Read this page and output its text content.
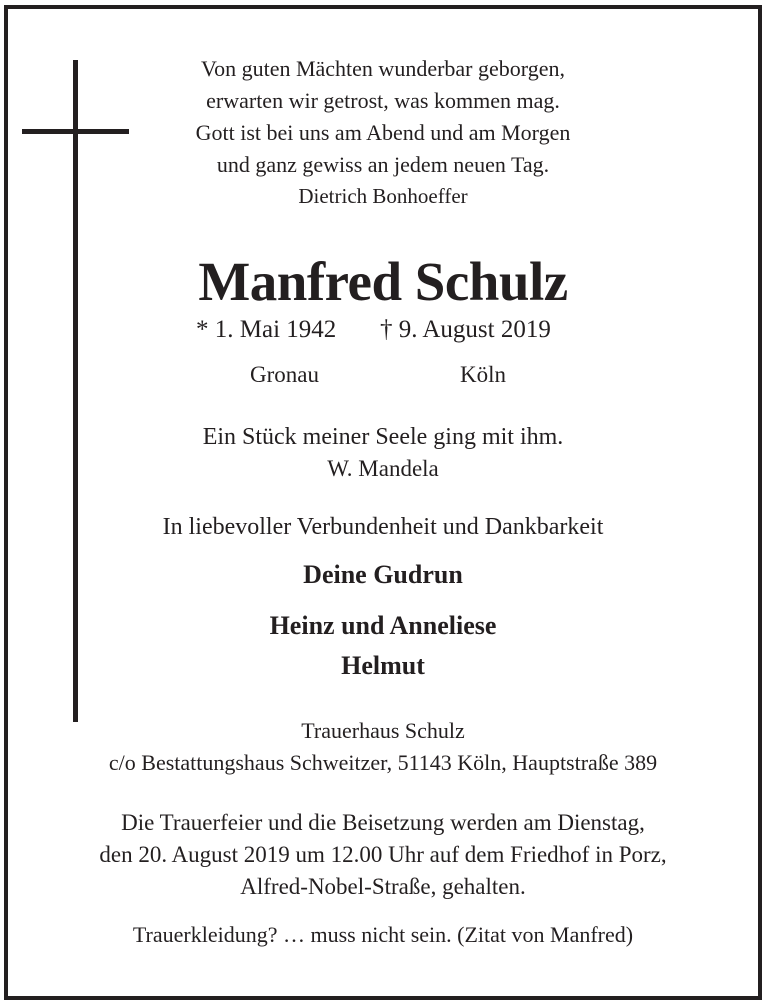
Von guten Mächten wunderbar geborgen,
erwarten wir getrost, was kommen mag.
Gott ist bei uns am Abend und am Morgen
und ganz gewiss an jedem neuen Tag.
Dietrich Bonhoeffer
Manfred Schulz
* 1. Mai 1942 † 9. August 2019
Gronau	Köln
Ein Stück meiner Seele ging mit ihm.
W. Mandela
In liebevoller Verbundenheit und Dankbarkeit
Deine Gudrun
Heinz und Anneliese
Helmut
Trauerhaus Schulz
c/o Bestattungshaus Schweitzer, 51143 Köln, Hauptstraße 389
Die Trauerfeier und die Beisetzung werden am Dienstag,
den 20. August 2019 um 12.00 Uhr auf dem Friedhof in Porz,
Alfred-Nobel-Straße, gehalten.
Trauerkleidung? … muss nicht sein. (Zitat von Manfred)
